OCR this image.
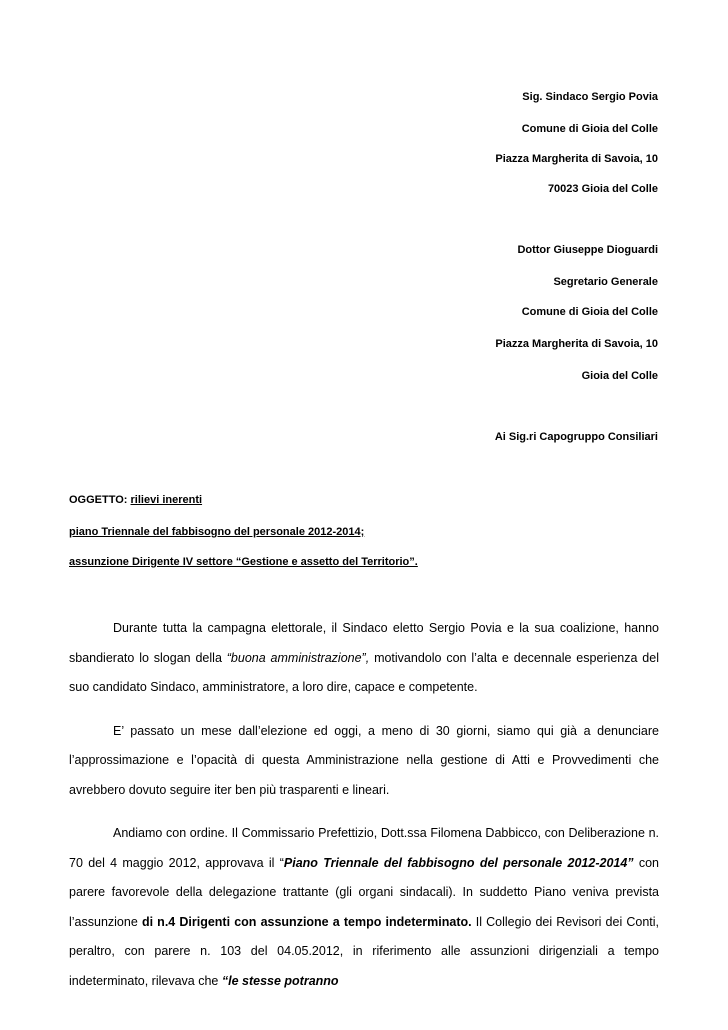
Sig. Sindaco Sergio Povia
Comune di Gioia del Colle
Piazza Margherita di Savoia, 10
70023 Gioia del Colle
Dottor Giuseppe Dioguardi
Segretario Generale
Comune di Gioia del Colle
Piazza Margherita di Savoia, 10
Gioia del Colle
Ai Sig.ri Capogruppo Consiliari
OGGETTO: rilievi inerenti
piano Triennale del fabbisogno del personale 2012-2014;
assunzione Dirigente IV settore “Gestione e assetto del Territorio”.

Durante tutta la campagna elettorale, il Sindaco eletto Sergio Povia e la sua coalizione, hanno sbandierato lo slogan della “buona amministrazione”, motivandolo con l’alta e decennale esperienza del suo candidato Sindaco, amministratore, a loro dire, capace e competente.

E’ passato un mese dall’elezione ed oggi, a meno di 30 giorni, siamo qui già a denunciare l’approssimazione e l’opacità di questa Amministrazione nella gestione di Atti e Provvedimenti che avrebbero dovuto seguire iter ben più trasparenti e lineari.

Andiamo con ordine. Il Commissario Prefettizio, Dott.ssa Filomena Dabbicco, con Deliberazione n. 70 del 4 maggio 2012, approvava il “Piano Triennale del fabbisogno del personale 2012-2014” con parere favorevole della delegazione trattante (gli organi sindacali). In suddetto Piano veniva prevista l’assunzione di n.4 Dirigenti con assunzione a tempo indeterminato. Il Collegio dei Revisori dei Conti, peraltro, con parere n. 103 del 04.05.2012, in riferimento alle assunzioni dirigenziali a tempo indeterminato, rilevava che “le stesse potranno
